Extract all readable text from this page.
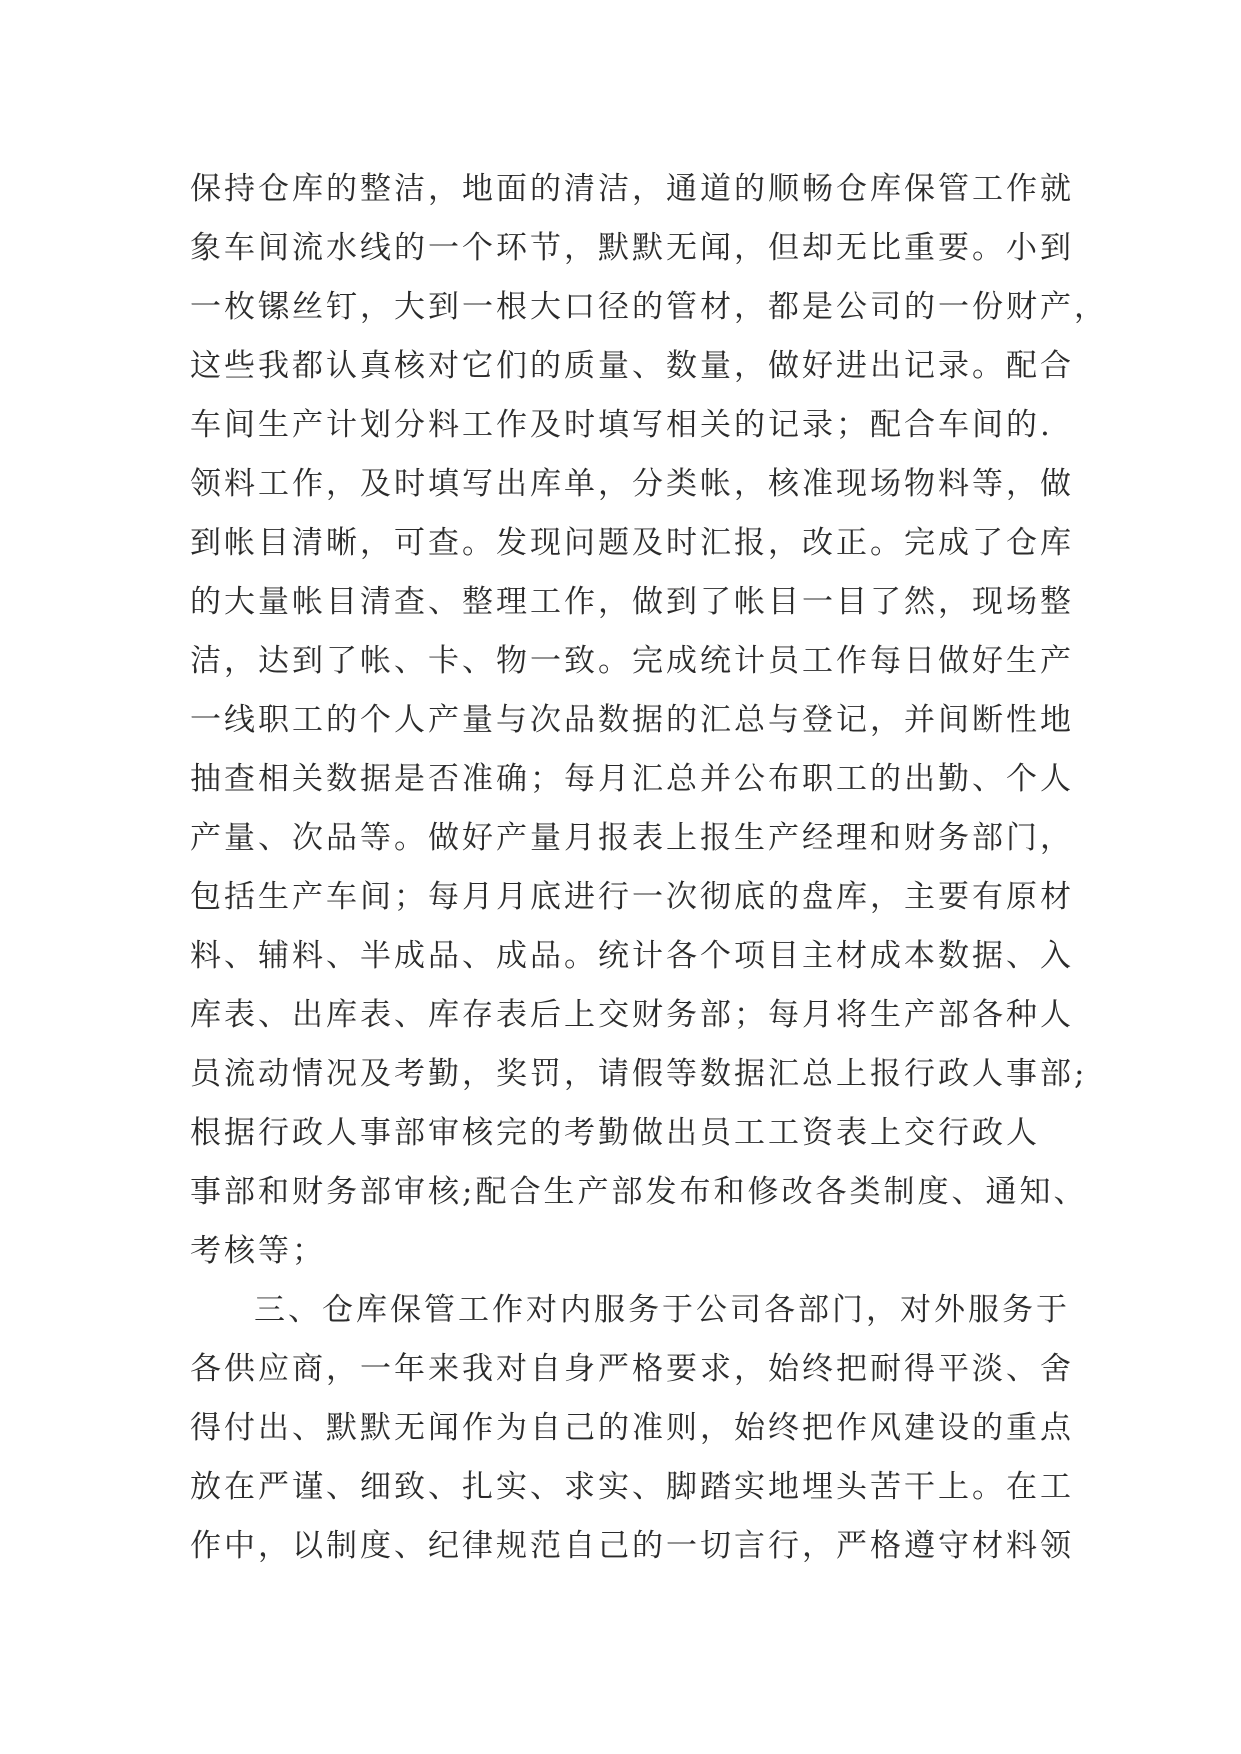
保持仓库的整洁，地面的清洁，通道的顺畅仓库保管工作就
象车间流水线的一个环节，默默无闻，但却无比重要。小到
一枚镙丝钉，大到一根大口径的管材，都是公司的一份财产，
这些我都认真核对它们的质量、数量，做好进出记录。配合
车间生产计划分料工作及时填写相关的记录；配合车间的.
领料工作，及时填写出库单，分类帐，核准现场物料等，做
到帐目清晰，可查。发现问题及时汇报，改正。完成了仓库
的大量帐目清查、整理工作，做到了帐目一目了然，现场整
洁，达到了帐、卡、物一致。完成统计员工作每日做好生产
一线职工的个人产量与次品数据的汇总与登记，并间断性地
抽查相关数据是否准确；每月汇总并公布职工的出勤、个人
产量、次品等。做好产量月报表上报生产经理和财务部门，
包括生产车间；每月月底进行一次彻底的盘库，主要有原材
料、辅料、半成品、成品。统计各个项目主材成本数据、入
库表、出库表、库存表后上交财务部；每月将生产部各种人
员流动情况及考勤，奖罚，请假等数据汇总上报行政人事部;
根据行政人事部审核完的考勤做出员工工资表上交行政人
事部和财务部审核;配合生产部发布和修改各类制度、通知、
考核等；
三、仓库保管工作对内服务于公司各部门，对外服务于
各供应商，一年来我对自身严格要求，始终把耐得平淡、舍
得付出、默默无闻作为自己的准则，始终把作风建设的重点
放在严谨、细致、扎实、求实、脚踏实地埋头苦干上。在工
作中，以制度、纪律规范自己的一切言行，严格遵守材料领
